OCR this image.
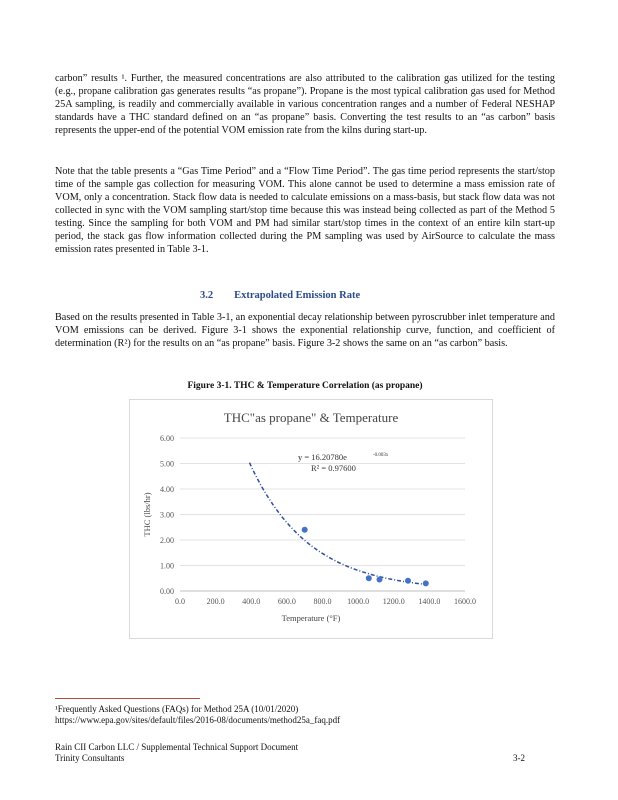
carbon” results ¹. Further, the measured concentrations are also attributed to the calibration gas utilized for the testing (e.g., propane calibration gas generates results “as propane”). Propane is the most typical calibration gas used for Method 25A sampling, is readily and commercially available in various concentration ranges and a number of Federal NESHAP standards have a THC standard defined on an “as propane” basis. Converting the test results to an “as carbon” basis represents the upper-end of the potential VOM emission rate from the kilns during start-up.

Note that the table presents a “Gas Time Period” and a “Flow Time Period”. The gas time period represents the start/stop time of the sample gas collection for measuring VOM. This alone cannot be used to determine a mass emission rate of VOM, only a concentration. Stack flow data is needed to calculate emissions on a mass-basis, but stack flow data was not collected in sync with the VOM sampling start/stop time because this was instead being collected as part of the Method 5 testing. Since the sampling for both VOM and PM had similar start/stop times in the context of an entire kiln start-up period, the stack gas flow information collected during the PM sampling was used by AirSource to calculate the mass emission rates presented in Table 3-1.

3.2 Extrapolated Emission Rate

Based on the results presented in Table 3-1, an exponential decay relationship between pyroscrubber inlet temperature and VOM emissions can be derived. Figure 3-1 shows the exponential relationship curve, function, and coefficient of determination (R²) for the results on an “as propane” basis. Figure 3-2 shows the same on an “as carbon” basis.

Figure 3-1. THC & Temperature Correlation (as propane)

THC"as propane" & Temperature
0.00
1.00
2.00
3.00
4.00
5.00
6.00
0.0	200.0 400.0 600.0 800.0 1000.0 1200.0 1400.0 1600.0
Temperature (°F)
THC (lbs/hr)
y = 16.20780e	-0.003x
R² = 0.97600

¹Frequently Asked Questions (FAQs) for Method 25A (10/01/2020)
https://www.epa.gov/sites/default/files/2016-08/documents/method25a_faq.pdf

Rain CII Carbon LLC / Supplemental Technical Support Document
Trinity Consultants	3-2
